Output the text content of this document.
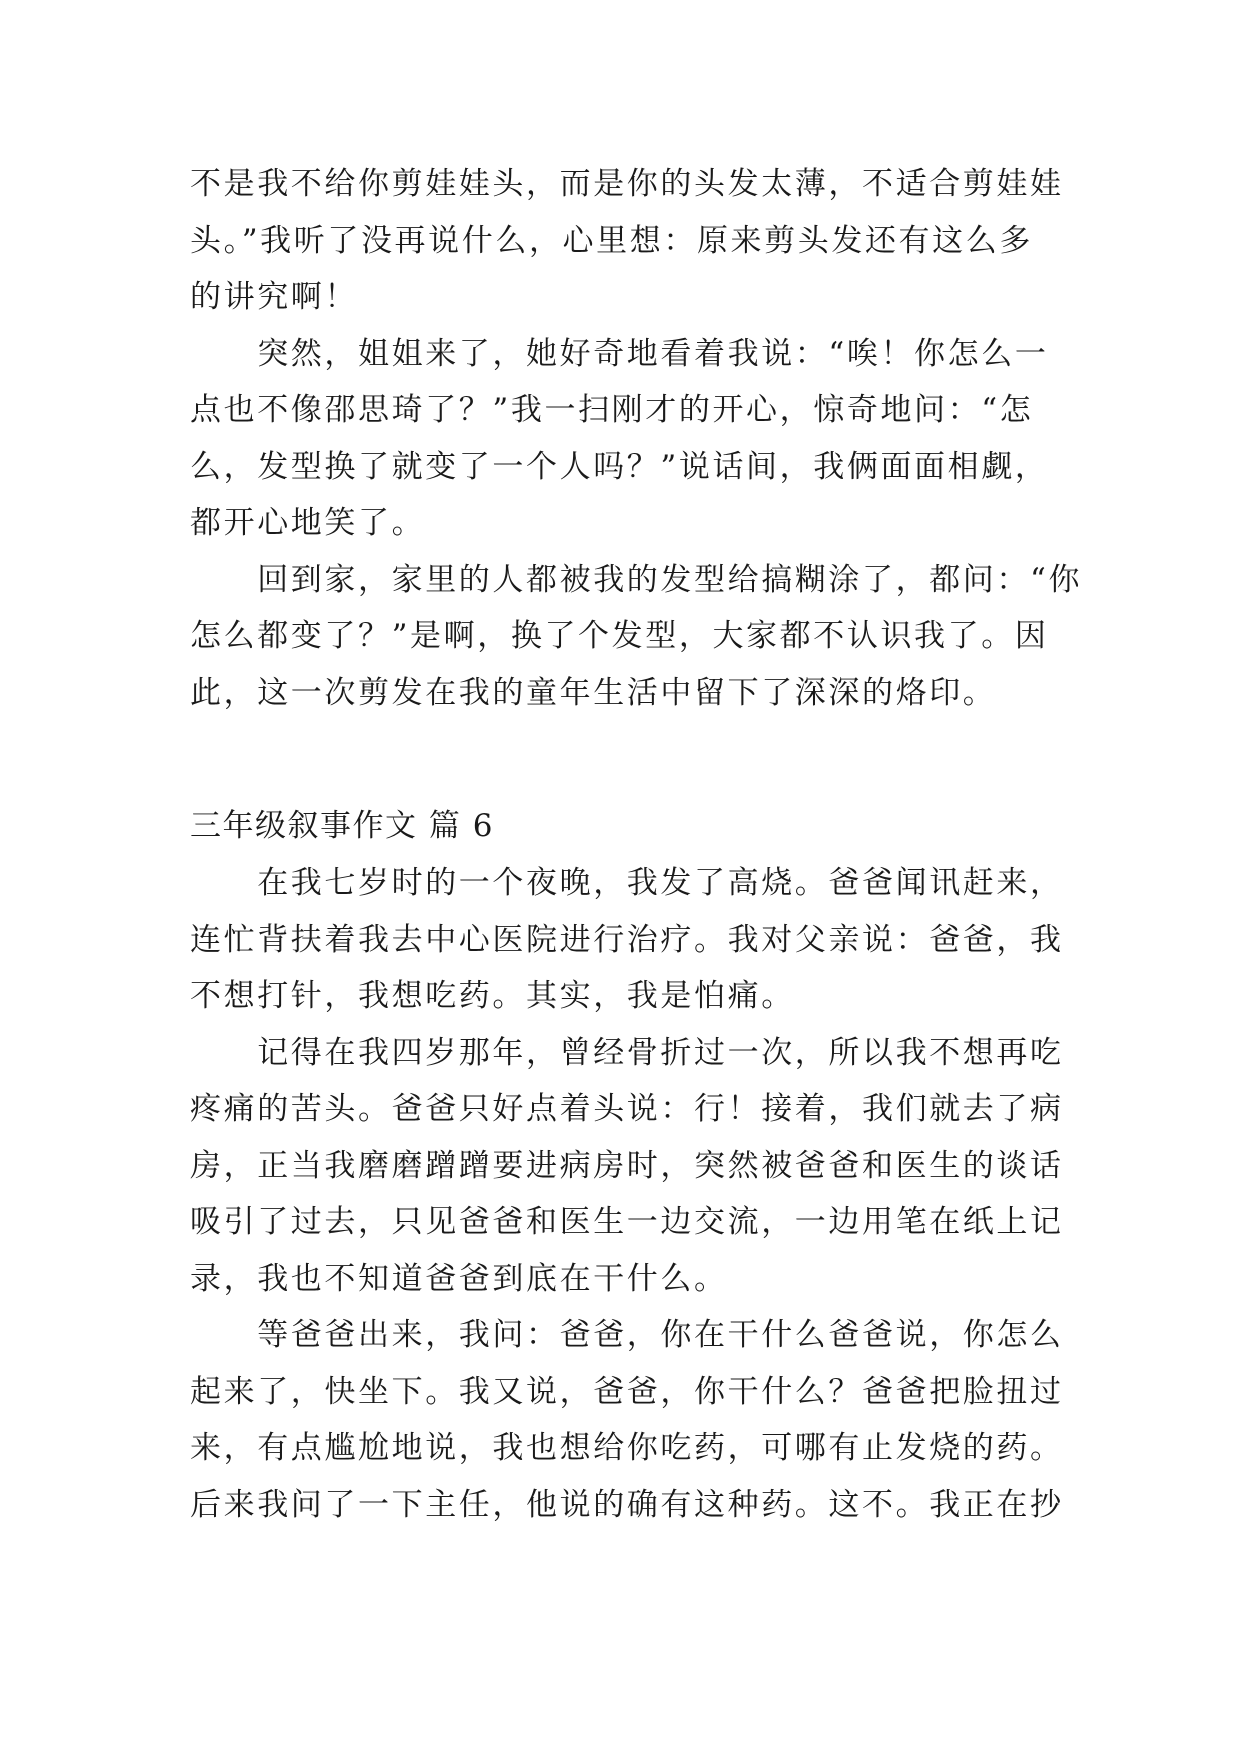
不是我不给你剪娃娃头，而是你的头发太薄，不适合剪娃娃
头。”我听了没再说什么，心里想：原来剪头发还有这么多
的讲究啊！
　　突然，姐姐来了，她好奇地看着我说：“唉！你怎么一
点也不像邵思琦了？”我一扫刚才的开心，惊奇地问：“怎
么，发型换了就变了一个人吗？”说话间，我俩面面相觑，
都开心地笑了。
　　回到家，家里的人都被我的发型给搞糊涂了，都问：“你
怎么都变了？”是啊，换了个发型，大家都不认识我了。因
此，这一次剪发在我的童年生活中留下了深深的烙印。
三年级叙事作文 篇 6
　　在我七岁时的一个夜晚，我发了高烧。爸爸闻讯赶来，
连忙背扶着我去中心医院进行治疗。我对父亲说：爸爸，我
不想打针，我想吃药。其实，我是怕痛。
　　记得在我四岁那年，曾经骨折过一次，所以我不想再吃
疼痛的苦头。爸爸只好点着头说：行！接着，我们就去了病
房，正当我磨磨蹭蹭要进病房时，突然被爸爸和医生的谈话
吸引了过去，只见爸爸和医生一边交流，一边用笔在纸上记
录，我也不知道爸爸到底在干什么。
　　等爸爸出来，我问：爸爸，你在干什么爸爸说，你怎么
起来了，快坐下。我又说，爸爸，你干什么？爸爸把脸扭过
来，有点尴尬地说，我也想给你吃药，可哪有止发烧的药。
后来我问了一下主任，他说的确有这种药。这不。我正在抄
